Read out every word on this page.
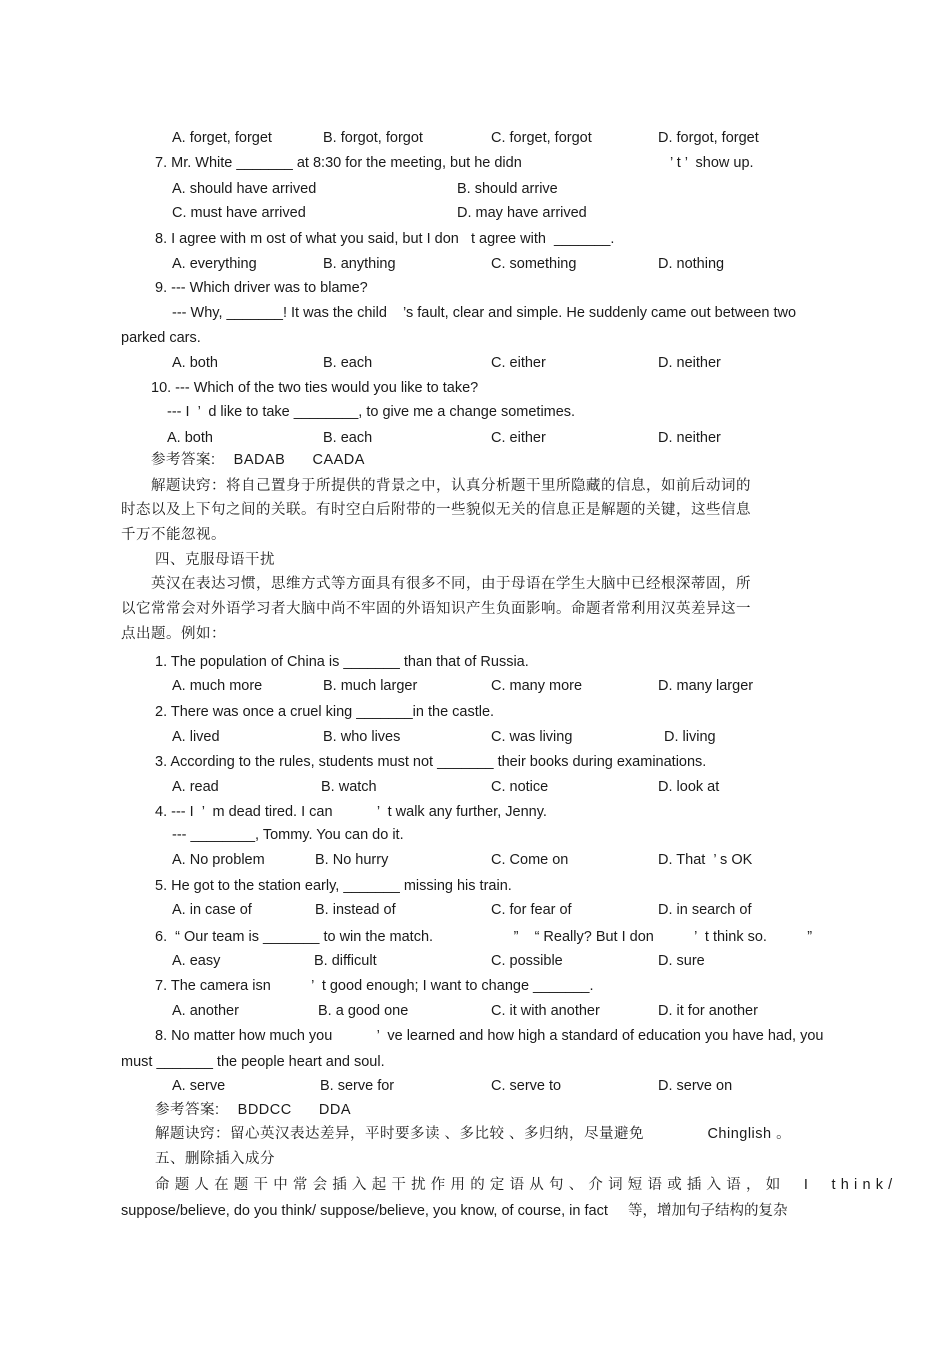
A. forget, forget	B. forgot, forgot	C. forget, forgot	D. forgot, forget
7. Mr. White _______ at 8:30 for the meeting, but he didn	’ t ’  show up.
A. should have arrived	B. should arrive
C. must have arrived	D. may have arrived
8. I agree with m ost of what you said, but I don   t agree with  _______.
A. everything	B. anything	C. something	D. nothing
9. --- Which driver was to blame?
--- Why, _______! It was the child    ’s fault, clear and simple. He suddenly came out between two
parked cars.
A. both	B. each	C. either	D. neither
10. --- Which of the two ties would you like to take?
--- I  ’  d like to take ________, to give me a change sometimes.
A. both	B. each	C. either	D. neither
参考答案:    BADAB      CAADA
解题诀窍：将自己置身于所提供的背景之中，认真分析题干里所隐藏的信息，如前后动词的
时态以及上下句之间的关联。有时空白后附带的一些貌似无关的信息正是解题的关键，这些信息
千万不能忽视。
四、克服母语干扰
英汉在表达习惯，思维方式等方面具有很多不同，由于母语在学生大脑中已经根深蒂固，所
以它常常会对外语学习者大脑中尚不牢固的外语知识产生负面影响。命题者常利用汉英差异这一
点出题。例如：
1. The population of China is _______ than that of Russia.
A. much more	B. much larger	C. many more	D. many larger
2. There was once a cruel king _______in the castle.
A. lived	B. who lives	C. was living	D. living
3. According to the rules, students must not _______ their books during examinations.
A. read	B. watch	C. notice	D. look at
4. --- I  ’  m dead tired. I can           ’  t walk any further, Jenny.
--- ________, Tommy. You can do it.
A. No problem	B. No hurry	C. Come on	D. That  ’ s OK
5. He got to the station early, _______ missing his train.
A. in case of	B. instead of	C. for fear of	D. in search of
6.  “ Our team is _______ to win the match.                    ”    “ Really? But I don          ’  t think so.          ”
A. easy	B. difficult	C. possible	D. sure
7. The camera isn          ’  t good enough; I want to change _______.
A. another	B. a good one	C. it with another	D. it for another
8. No matter how much you           ’  ve learned and how high a standard of education you have had, you
must _______ the people heart and soul.
A. serve	B. serve for	C. serve to	D. serve on
参考答案:    BDDCC      DDA
解题诀窍：留心英汉表达差异，平时要多读 、多比较 、多归纳，尽量避免              Chinglish 。
五、删除插入成分
命题人在题干中常会插入起干扰作用的定语从句、介词短语或插入语，如  I  think/
suppose/believe, do you think/ suppose/believe, you know, of course, in fact     等，增加句子结构的复杂
